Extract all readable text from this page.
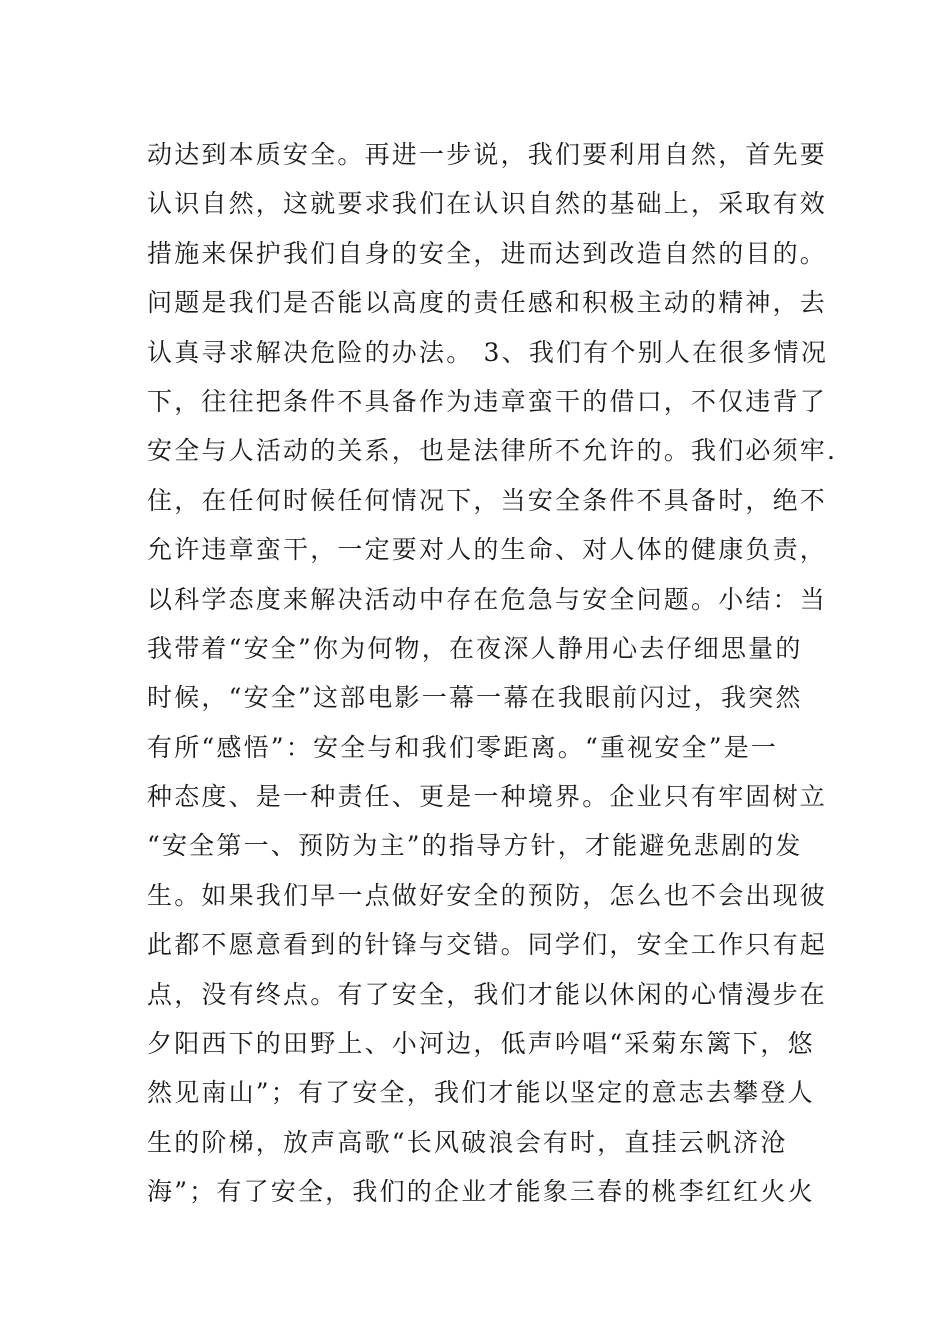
动达到本质安全。再进一步说，我们要利用自然，首先要
认识自然，这就要求我们在认识自然的基础上，采取有效
措施来保护我们自身的安全，进而达到改造自然的目的。
问题是我们是否能以高度的责任感和积极主动的精神，去
认真寻求解决危险的办法。 3、我们有个别人在很多情况
下，往往把条件不具备作为违章蛮干的借口，不仅违背了
安全与人活动的关系，也是法律所不允许的。我们必须牢.
住，在任何时候任何情况下，当安全条件不具备时，绝不
允许违章蛮干，一定要对人的生命、对人体的健康负责，
以科学态度来解决活动中存在危急与安全问题。小结：当
我带着“安全”你为何物，在夜深人静用心去仔细思量的
时候，“安全”这部电影一幕一幕在我眼前闪过，我突然
有所“感悟”：安全与和我们零距离。“重视安全”是一
种态度、是一种责任、更是一种境界。企业只有牢固树立
“安全第一、预防为主”的指导方针，才能避免悲剧的发
生。如果我们早一点做好安全的预防，怎么也不会出现彼
此都不愿意看到的针锋与交错。同学们，安全工作只有起
点，没有终点。有了安全，我们才能以休闲的心情漫步在
夕阳西下的田野上、小河边，低声吟唱“采菊东篱下，悠
然见南山”；有了安全，我们才能以坚定的意志去攀登人
生的阶梯，放声高歌“长风破浪会有时，直挂云帆济沧
海”；有了安全，我们的企业才能象三春的桃李红红火火
